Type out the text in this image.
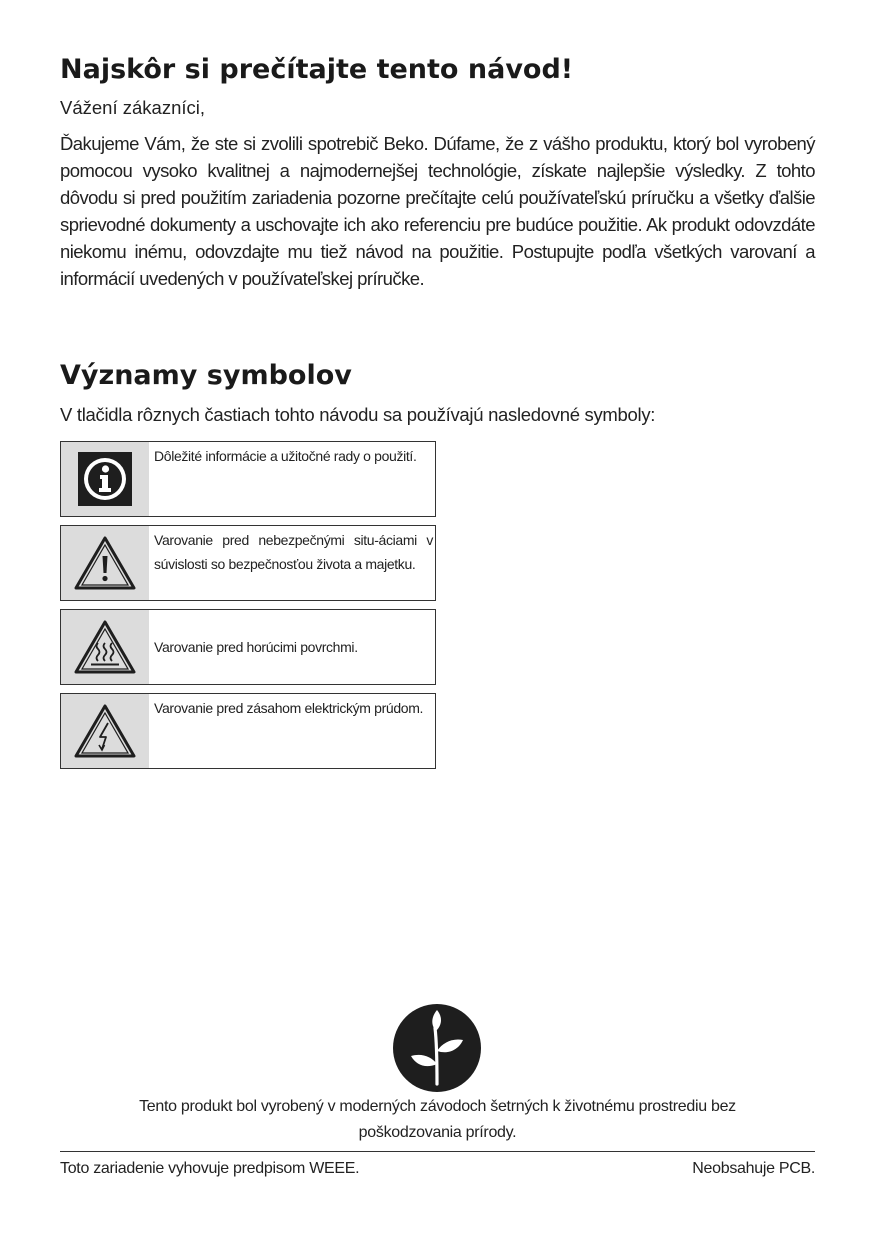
Najskôr si prečítajte tento návod!
Vážení zákazníci,
Ďakujeme Vám, že ste si zvolili spotrebič Beko. Dúfame, že z vášho produktu, ktorý bol vyrobený pomocou vysoko kvalitnej a najmodernejšej technológie, získate najlepšie výsledky. Z tohto dôvodu si pred použitím zariadenia pozorne prečítajte celú používateľskú príručku a všetky ďalšie sprievodné dokumenty a uschovajte ich ako referenciu pre budúce použitie. Ak produkt odovzdáte niekomu inému, odovzdajte mu tiež návod na použitie. Postupujte podľa všetkých varovaní a informácií uvedených v používateľskej príručke.
Významy symbolov
V tlačidla rôznych častiach tohto návodu sa používajú nasledovné symboly:
Dôležité informácie a užitočné rady o použití.
Varovanie pred nebezpečnými situ-áciami v súvislosti so bezpečnosťou života a majetku.
Varovanie pred horúcimi povrchmi.
Varovanie pred zásahom elektrickým prúdom.
Tento produkt bol vyrobený v moderných závodoch šetrných k životnému prostrediu bez
poškodzovania prírody.
Toto zariadenie vyhovuje predpisom WEEE.	Neobsahuje PCB.
